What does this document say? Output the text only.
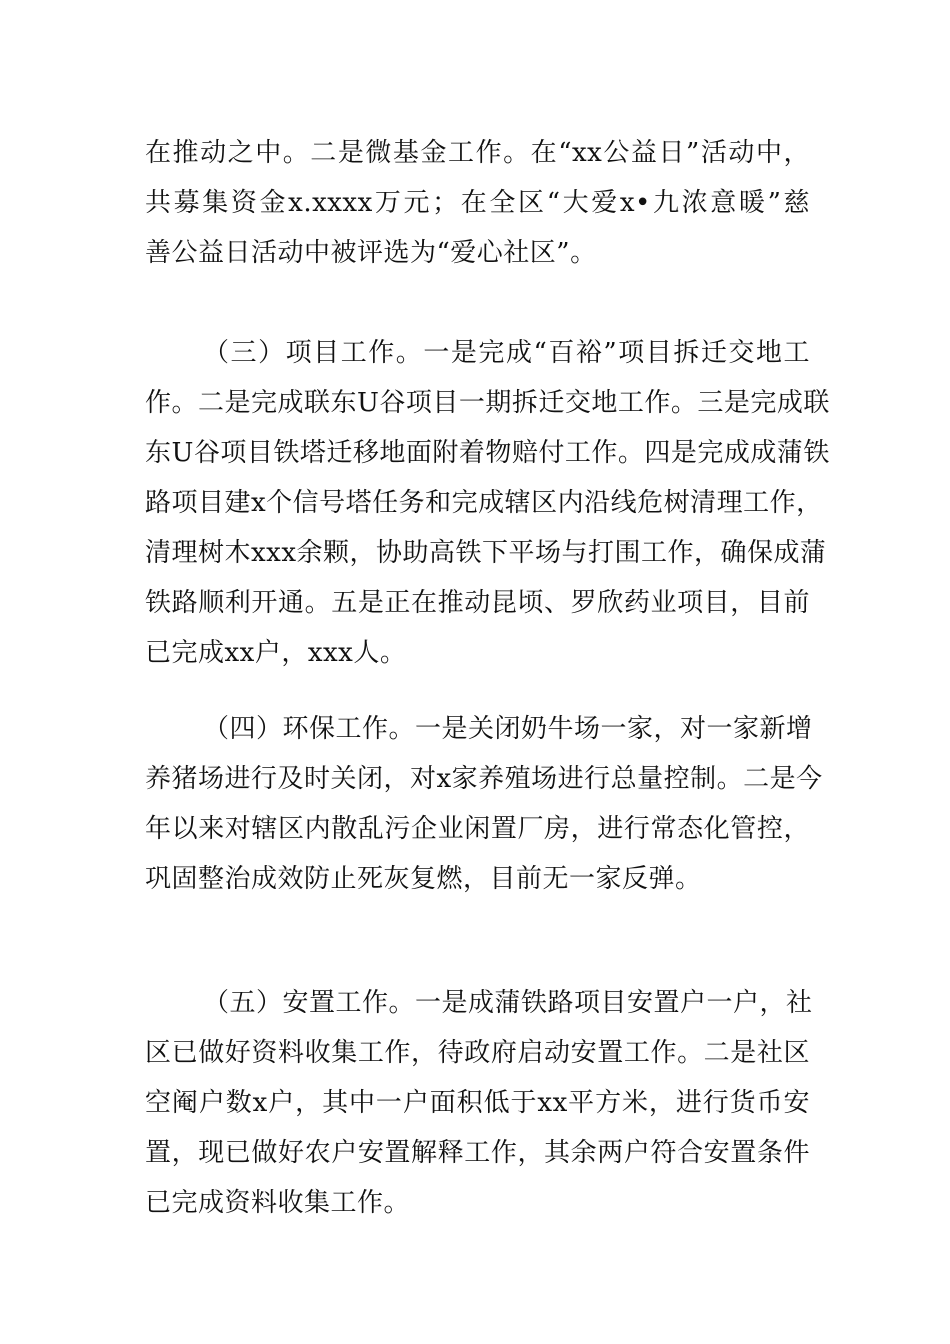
在推动之中。二是微基金工作。在“xx公益日”活动中，
共募集资金x.xxxx万元；在全区“大爱x•九浓意暖”慈
善公益日活动中被评选为“爱心社区”。
（三）项目工作。一是完成“百裕”项目拆迁交地工
作。二是完成联东U谷项目一期拆迁交地工作。三是完成联
东U谷项目铁塔迁移地面附着物赔付工作。四是完成成蒲铁
路项目建x个信号塔任务和完成辖区内沿线危树清理工作，
清理树木xxx余颗，协助高铁下平场与打围工作，确保成蒲
铁路顺利开通。五是正在推动昆顷、罗欣药业项目，目前
已完成xx户，xxx人。
（四）环保工作。一是关闭奶牛场一家，对一家新增
养猪场进行及时关闭，对x家养殖场进行总量控制。二是今
年以来对辖区内散乱污企业闲置厂房，进行常态化管控，
巩固整治成效防止死灰复燃，目前无一家反弹。
（五）安置工作。一是成蒲铁路项目安置户一户，社
区已做好资料收集工作，待政府启动安置工作。二是社区
空阉户数x户，其中一户面积低于xx平方米，进行货币安
置，现已做好农户安置解释工作，其余两户符合安置条件
已完成资料收集工作。
